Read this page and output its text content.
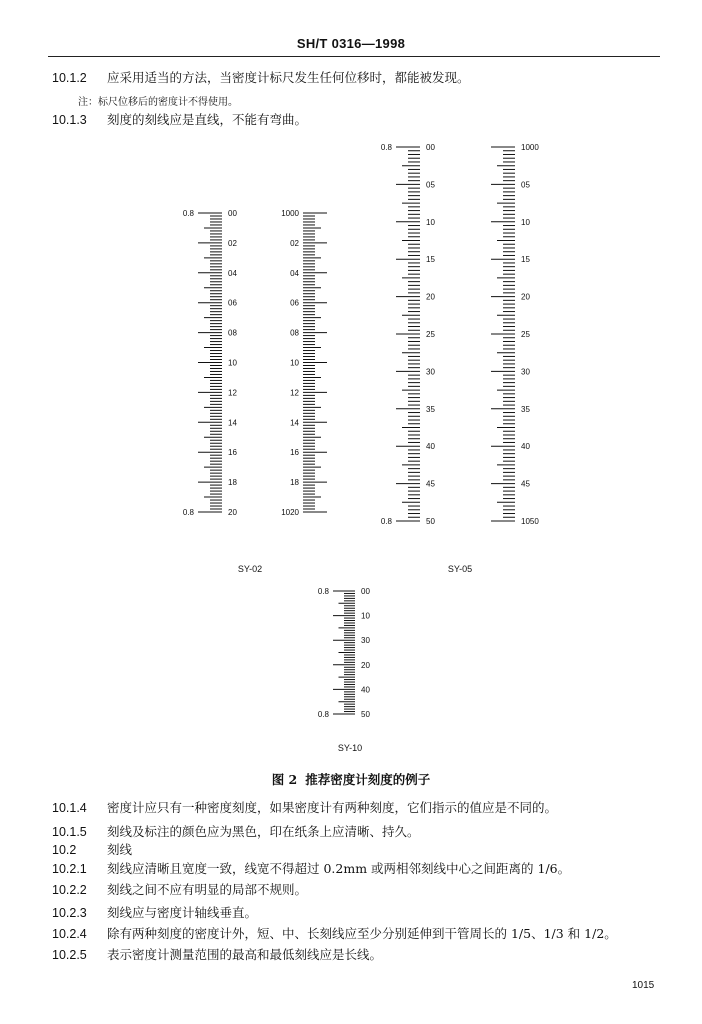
SH/T 0316—1998
10.1.2 应采用适当的方法，当密度计标尺发生任何位移时，都能被发现。
注：标尺位移后的密度计不得使用。
10.1.3 刻度的刻线应是直线，不能有弯曲。
00
02
04
06
08
10
12
14
16
18
20
0.8
0.8
1000
02
04
06
08
10
12
14
16
18
1020
00
05
10
15
20
25
30
35
40
45
50
0.8
0.8
1000
05
10
15
20
25
30
35
40
45
1050
00
10
30
20
40
50
0.8
0.8
SY-02	SY-05
SY-10
图 2 推荐密度计刻度的例子
10.1.4 密度计应只有一种密度刻度，如果密度计有两种刻度，它们指示的值应是不同的。
10.1.5 刻线及标注的颜色应为黑色，印在纸条上应清晰、持久。
10.2 刻线
10.2.1 刻线应清晰且宽度一致，线宽不得超过 0.2mm 或两相邻刻线中心之间距离的 1/6。
10.2.2 刻线之间不应有明显的局部不规则。
10.2.3 刻线应与密度计轴线垂直。
10.2.4 除有两种刻度的密度计外，短、中、长刻线应至少分别延伸到干管周长的 1/5、1/3 和 1/2。
10.2.5 表示密度计测量范围的最高和最低刻线应是长线。
1015
